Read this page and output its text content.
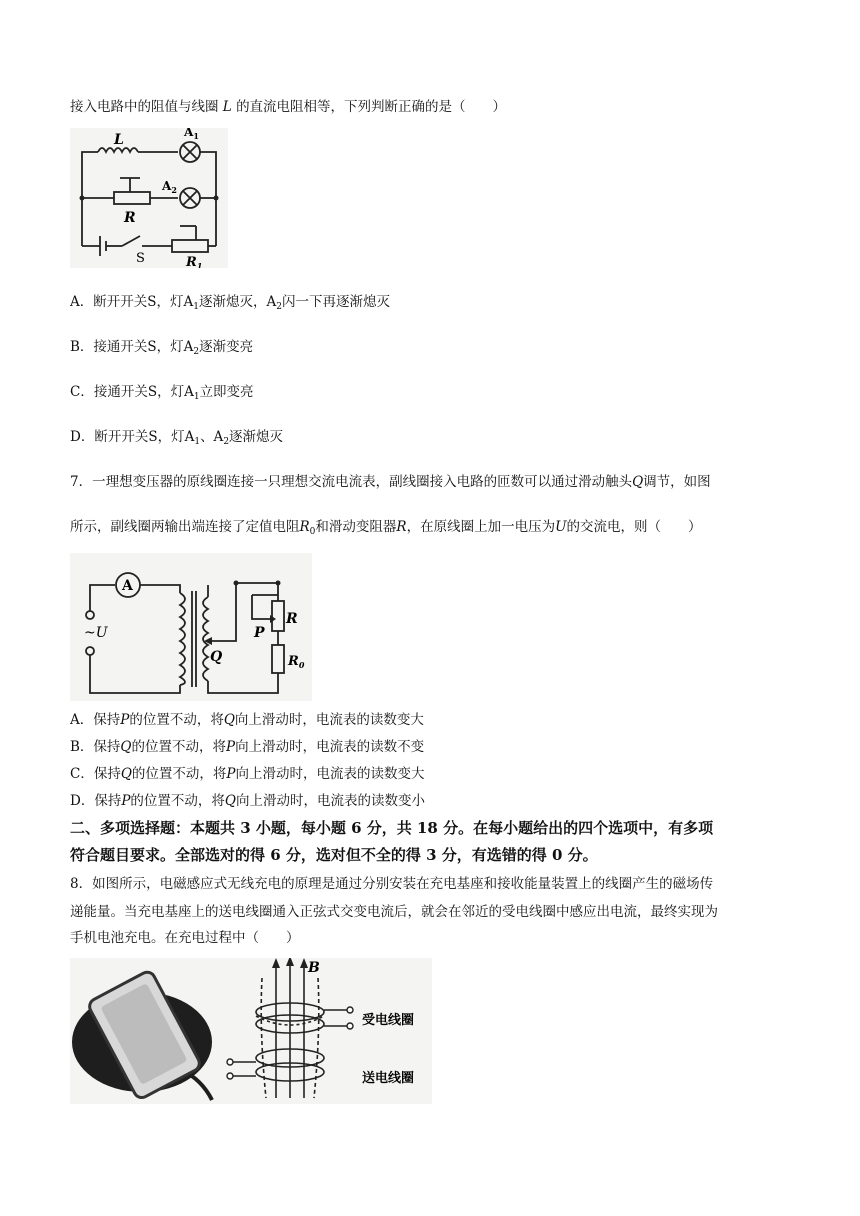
接入电路中的阻值与线圈 L 的直流电阻相等，下列判断正确的是（　　）
L	$A_1$
$A_2$
R
S	$R_1$
A．断开开关S，灯$A_1$逐渐熄灭，$A_2$闪一下再逐渐熄灭
B．接通开关S，灯$A_2$逐渐变亮
C．接通开关S，灯$A_1$立即变亮
D．断开开关S，灯$A_1$、$A_2$逐渐熄灭
7．一理想变压器的原线圈连接一只理想交流电流表，副线圈接入电路的匝数可以通过滑动触头Q调节，如图
所示，副线圈两输出端连接了定值电阻$R_0$和滑动变阻器R，在原线圈上加一电压为U的交流电，则（　　）
A
~U
Q
P
R
$R_0$
A．保持P的位置不动，将Q向上滑动时，电流表的读数变大
B．保持Q的位置不动，将P向上滑动时，电流表的读数不变
C．保持Q的位置不动，将P向上滑动时，电流表的读数变大
D．保持P的位置不动，将Q向上滑动时，电流表的读数变小
二、多项选择题：本题共 3 小题，每小题 6 分，共 18 分。在每小题给出的四个选项中，有多项
符合题目要求。全部选对的得 6 分，选对但不全的得 3 分，有选错的得 0 分。
8．如图所示，电磁感应式无线充电的原理是通过分别安装在充电基座和接收能量装置上的线圈产生的磁场传
递能量。当充电基座上的送电线圈通入正弦式交变电流后，就会在邻近的受电线圈中感应出电流，最终实现为
手机电池充电。在充电过程中（　　）
B
受电线圈
送电线圈
